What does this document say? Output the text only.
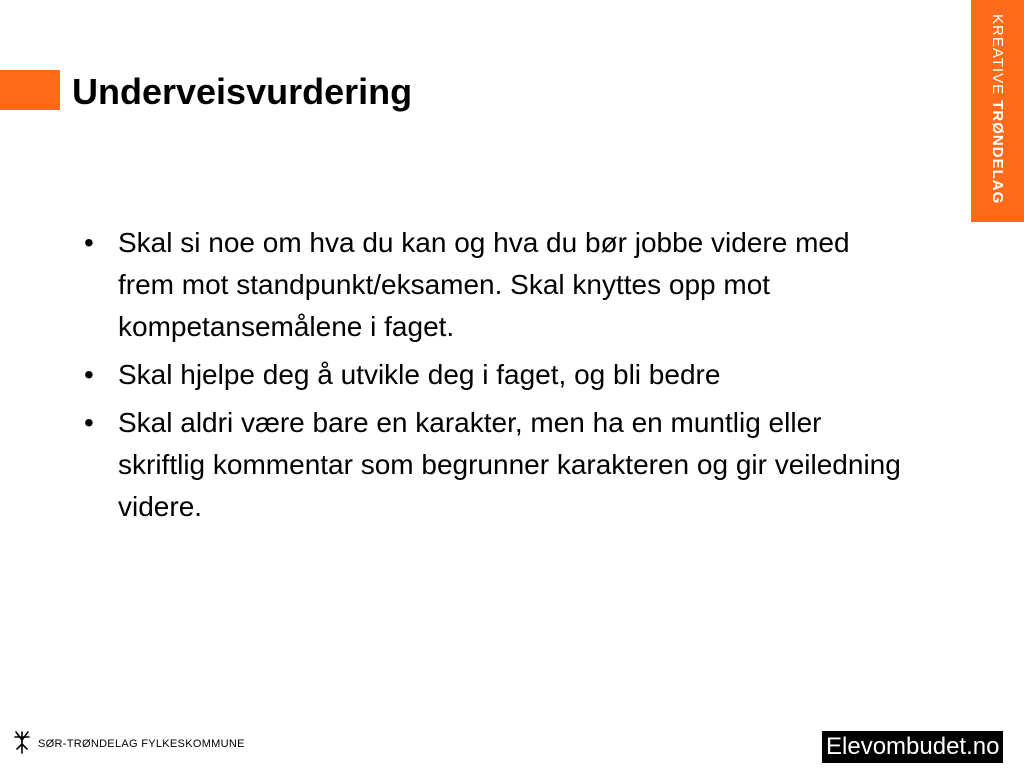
Underveisvurdering	KREATIVE TRØNDELAG
• Skal si noe om hva du kan og hva du bør jobbe videre med frem mot standpunkt/eksamen. Skal knyttes opp mot kompetansemålene i faget.
• Skal hjelpe deg å utvikle deg i faget, og bli bedre
• Skal aldri være bare en karakter, men ha en muntlig eller skriftlig kommentar som begrunner karakteren og gir veiledning videre.
SØR-TRØNDELAG FYLKESKOMMUNE	Elevombudet.no
